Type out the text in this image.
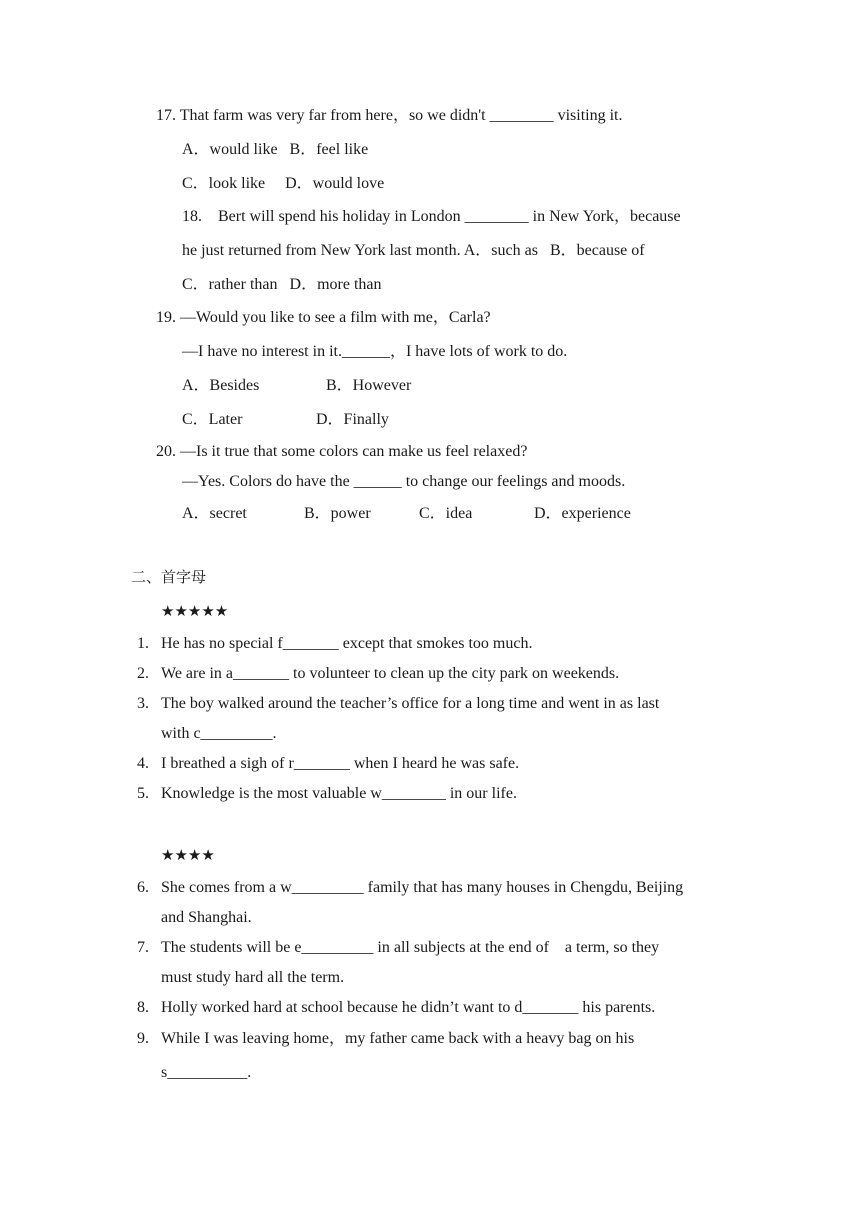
17. That farm was very far from here，so we didn't ________ visiting it.
A．would like   B．feel like
C．look like     D．would love
18.    Bert will spend his holiday in London ________ in New York，because
he just returned from New York last month. A．such as   B．because of
C．rather than   D．more than
19. —Would you like to see a film with me，Carla?
—I have no interest in it.______，I have lots of work to do.
A．Besides	B．However
C．Later	D．Finally
20. —Is it true that some colors can make us feel relaxed?
—Yes. Colors do have the ______ to change our feelings and moods.
A．secret	B．power	C．idea	D．experience
二、首字母
★★★★★
1. He has no special f_______ except that smokes too much.
2. We are in a_______ to volunteer to clean up the city park on weekends.
3. The boy walked around the teacher’s office for a long time and went in as last
with c_________.
4. I breathed a sigh of r_______ when I heard he was safe.
5. Knowledge is the most valuable w________ in our life.
★★★★
6. She comes from a w_________ family that has many houses in Chengdu, Beijing
and Shanghai.
7. The students will be e_________ in all subjects at the end of    a term, so they
must study hard all the term.
8. Holly worked hard at school because he didn’t want to d_______ his parents.
9. While I was leaving home，my father came back with a heavy bag on his
s__________.
